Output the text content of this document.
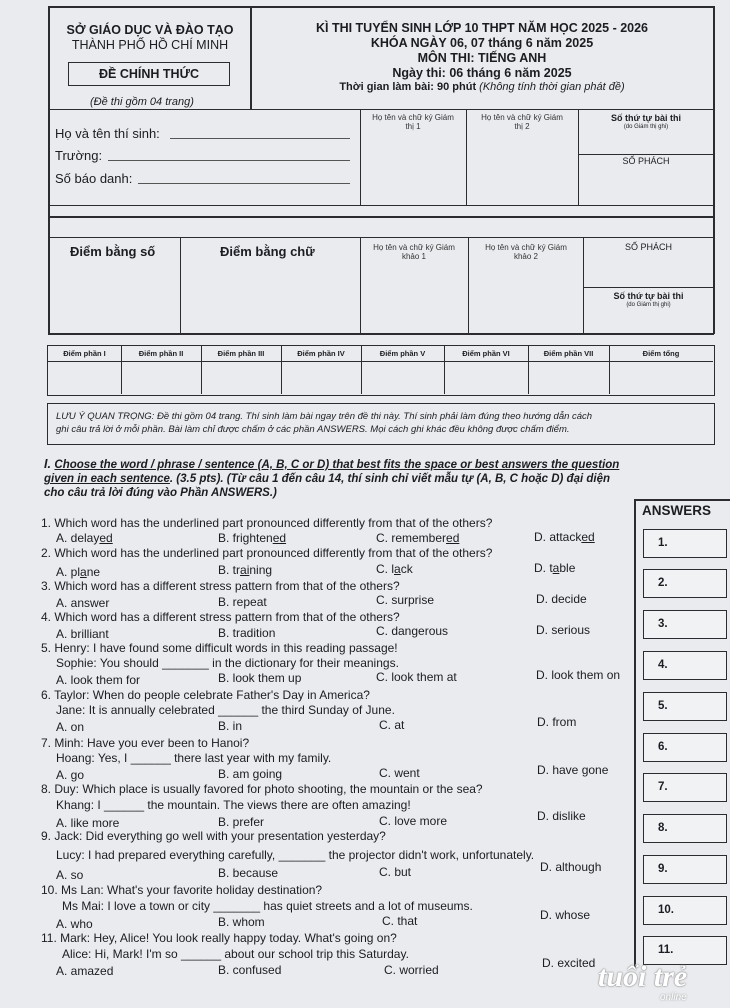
SỞ GIÁO DỤC VÀ ĐÀO TẠO
THÀNH PHỐ HỒ CHÍ MINH
ĐỀ CHÍNH THỨC
(Đề thi gồm 04 trang)
KÌ THI TUYỂN SINH LỚP 10 THPT NĂM HỌC 2025 - 2026
KHÓA NGÀY 06, 07 tháng 6 năm 2025
MÔN THI: TIẾNG ANH
Ngày thi: 06 tháng 6 năm 2025
Thời gian làm bài: 90 phút (Không tính thời gian phát đề)
Họ và tên thí sinh:
Trường:
Số báo danh:
Họ tên và chữ ký Giám thị 1
Họ tên và chữ ký Giám thị 2
Số thứ tự bài thi
(do Giám thị ghi)
SỐ PHÁCH
Điểm bằng số	Điểm bằng chữ	Họ tên và chữ ký Giám khảo 1
Họ tên và chữ ký Giám khảo 2
SỐ PHÁCH
Số thứ tự bài thi
(do Giám thị ghi)
Điểm phần I	Điểm phần II	Điểm phần III	Điểm phần IV	Điểm phần V	Điểm phần VI	Điểm phần VII	Điểm tổng
LƯU Ý QUAN TRỌNG: Đề thi gồm 04 trang. Thí sinh làm bài ngay trên đề thi này. Thí sinh phải làm đúng theo hướng dẫn cách
ghi câu trả lời ở mỗi phần. Bài làm chỉ được chấm ở các phần ANSWERS. Mọi cách ghi khác đều không được chấm điểm.
I. Choose the word / phrase / sentence (A, B, C or D) that best fits the space or best answers the question
given in each sentence. (3.5 pts). (Từ câu 1 đến câu 14, thí sinh chỉ viết mẫu tự (A, B, C hoặc D) đại diện
cho câu trả lời đúng vào Phần ANSWERS.)
ANSWERS
1.
2.
3.
4.
5.
6.
7.
8.
9.
10.
11.
1. Which word has the underlined part pronounced differently from that of the others?
A. delayed	B. frightened	C. remembered	D. attacked
2. Which word has the underlined part pronounced differently from that of the others?
A. plane	B. training	C. lack	D. table
3. Which word has a different stress pattern from that of the others?
A. answer	B. repeat	C. surprise	D. decide
4. Which word has a different stress pattern from that of the others?
A. brilliant	B. tradition	C. dangerous	D. serious
5. Henry: I have found some difficult words in this reading passage!
Sophie: You should _______ in the dictionary for their meanings.
A. look them for	B. look them up	C. look them at	D. look them on
6. Taylor: When do people celebrate Father's Day in America?
Jane: It is annually celebrated ______ the third Sunday of June.
A. on	B. in	C. at	D. from
7. Minh: Have you ever been to Hanoi?
Hoang: Yes, I ______ there last year with my family.
A. go	B. am going	C. went	D. have gone
8. Duy: Which place is usually favored for photo shooting, the mountain or the sea?
Khang: I ______ the mountain. The views there are often amazing!
A. like more	B. prefer	C. love more	D. dislike
9. Jack: Did everything go well with your presentation yesterday?
Lucy: I had prepared everything carefully, _______ the projector didn't work, unfortunately.
A. so	B. because	C. but	D. although
10. Ms Lan: What's your favorite holiday destination?
Ms Mai: I love a town or city _______ has quiet streets and a lot of museums.
A. who	B. whom	C. that	D. whose
11. Mark: Hey, Alice! You look really happy today. What's going on?
Alice: Hi, Mark! I'm so ______ about our school trip this Saturday.
A. amazed	B. confused	C. worried	D. excited tuổi trẻ
online
